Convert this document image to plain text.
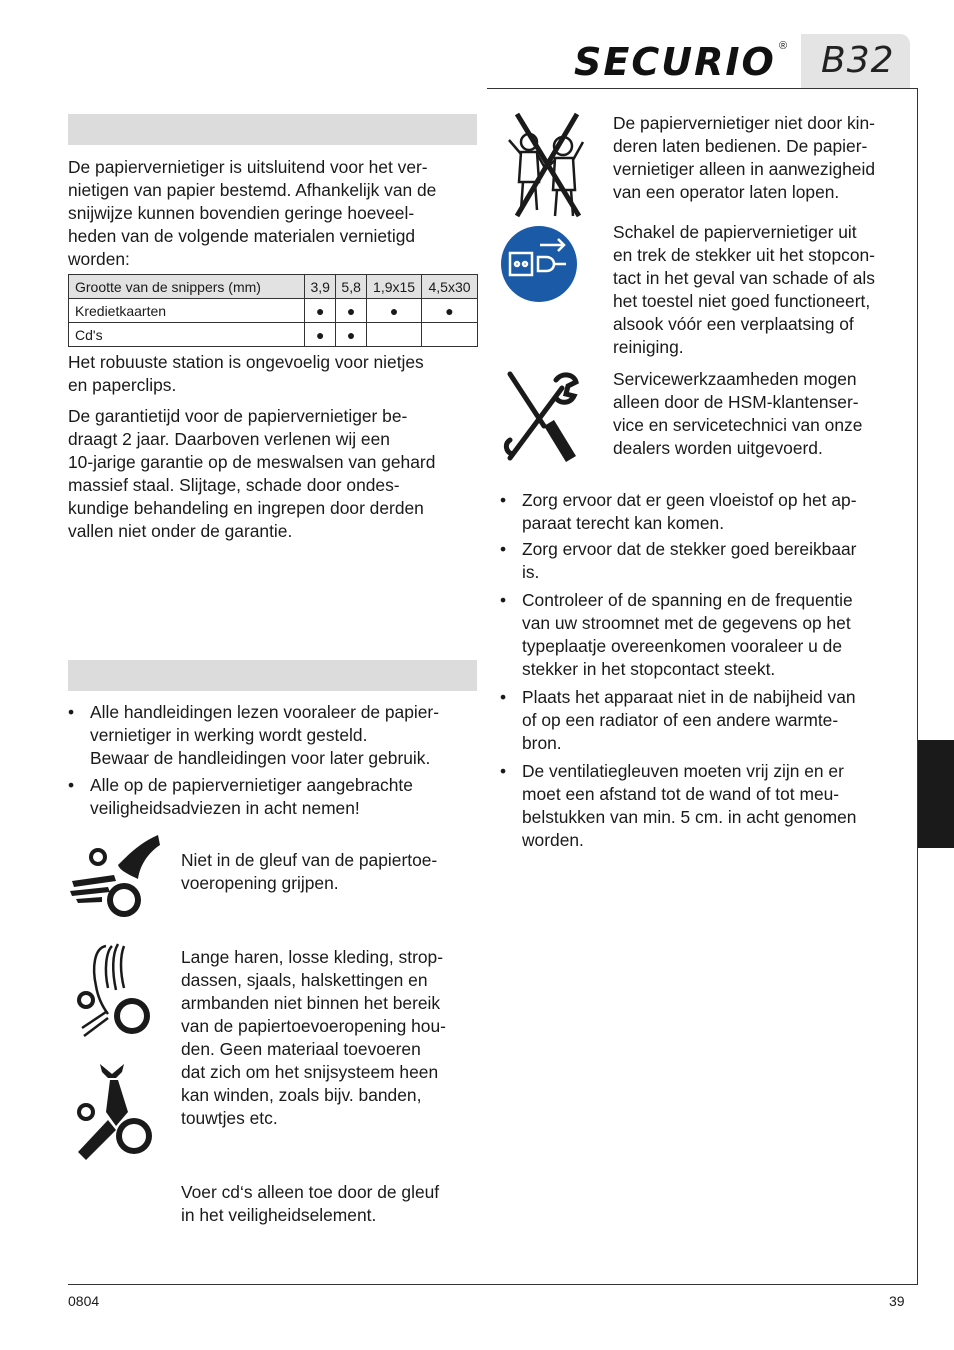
SECURIO ® B32
De papiervernietiger is uitsluitend voor het ver-
nietigen van papier bestemd. Afhankelijk van de
snijwijze kunnen bovendien geringe hoeveel-
heden van de volgende materialen vernietigd
worden:
Grootte van de snippers (mm)	3,9	5,8	1,9x15	4,5x30
Kredietkaarten	●	●	●	●
Cd's	●	●		
Het robuuste station is ongevoelig voor nietjes
en paperclips.
De garantietijd voor de papiervernietiger be-
draagt 2 jaar. Daarboven verlenen wij een
10-jarige garantie op de meswalsen van gehard
massief staal. Slijtage, schade door ondes-
kundige behandeling en ingrepen door derden
vallen niet onder de garantie.
• Alle handleidingen lezen vooraleer de papier-
vernietiger in werking wordt gesteld.
Bewaar de handleidingen voor later gebruik.
• Alle op de papiervernietiger aangebrachte
veiligheidsadviezen in acht nemen!
Niet in de gleuf van de papiertoe-
voeropening grijpen.
Lange haren, losse kleding, strop-
dassen, sjaals, halskettingen en
armbanden niet binnen het bereik
van de papiertoevoeropening hou-
den. Geen materiaal toevoeren
dat zich om het snijsysteem heen
kan winden, zoals bijv. banden,
touwtjes etc.
Voer cd‘s alleen toe door de gleuf
in het veiligheidselement.
De papiervernietiger niet door kin-
deren laten bedienen. De papier-
vernietiger alleen in aanwezigheid
van een operator laten lopen.
Schakel de papiervernietiger uit
en trek de stekker uit het stopcon-
tact in het geval van schade of als
het toestel niet goed functioneert,
alsook vóór een verplaatsing of
reiniging.
Servicewerkzaamheden mogen
alleen door de HSM-klantenser-
vice en servicetechnici van onze
dealers worden uitgevoerd.
• Zorg ervoor dat er geen vloeistof op het ap-
paraat terecht kan komen.
• Zorg ervoor dat de stekker goed bereikbaar
is.
• Controleer of de spanning en de frequentie
van uw stroomnet met de gegevens op het
typeplaatje overeenkomen vooraleer u de
stekker in het stopcontact steekt.
• Plaats het apparaat niet in de nabijheid van
of op een radiator of een andere warmte-
bron.
• De ventilatiegleuven moeten vrij zijn en er
moet een afstand tot de wand of tot meu-
belstukken van min. 5 cm. in acht genomen
worden.
0804	39
